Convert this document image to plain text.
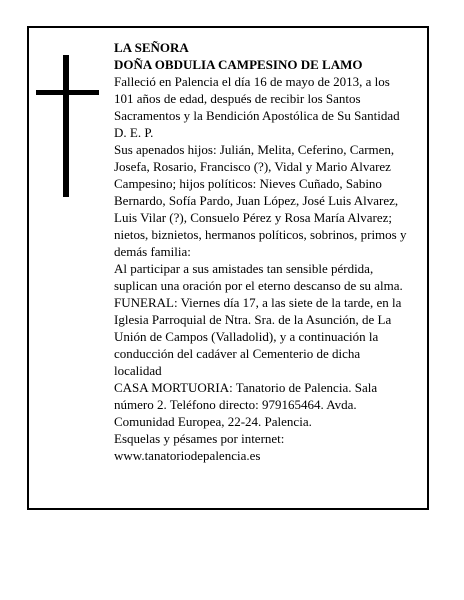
LA SEÑORA
DOÑA OBDULIA CAMPESINO DE LAMO
Falleció en Palencia el día 16 de mayo de 2013, a los
101 años de edad, después de recibir los Santos
Sacramentos y la Bendición Apostólica de Su Santidad
D. E. P.
Sus apenados hijos: Julián, Melita, Ceferino, Carmen,
Josefa, Rosario, Francisco (?), Vidal y Mario Alvarez
Campesino; hijos políticos: Nieves Cuñado, Sabino
Bernardo, Sofía Pardo, Juan López, José Luis Alvarez,
Luis Vilar (?), Consuelo Pérez y Rosa María Alvarez;
nietos, biznietos, hermanos políticos, sobrinos, primos y
demás familia:
Al participar a sus amistades tan sensible pérdida,
suplican una oración por el eterno descanso de su alma.
FUNERAL: Viernes día 17, a las siete de la tarde, en la
Iglesia Parroquial de Ntra. Sra. de la Asunción, de La
Unión de Campos (Valladolid), y a continuación la
conducción del cadáver al Cementerio de dicha
localidad
CASA MORTUORIA: Tanatorio de Palencia. Sala
número 2. Teléfono directo: 979165464. Avda.
Comunidad Europea, 22-24. Palencia.
Esquelas y pésames por internet:
www.tanatoriodepalencia.es
